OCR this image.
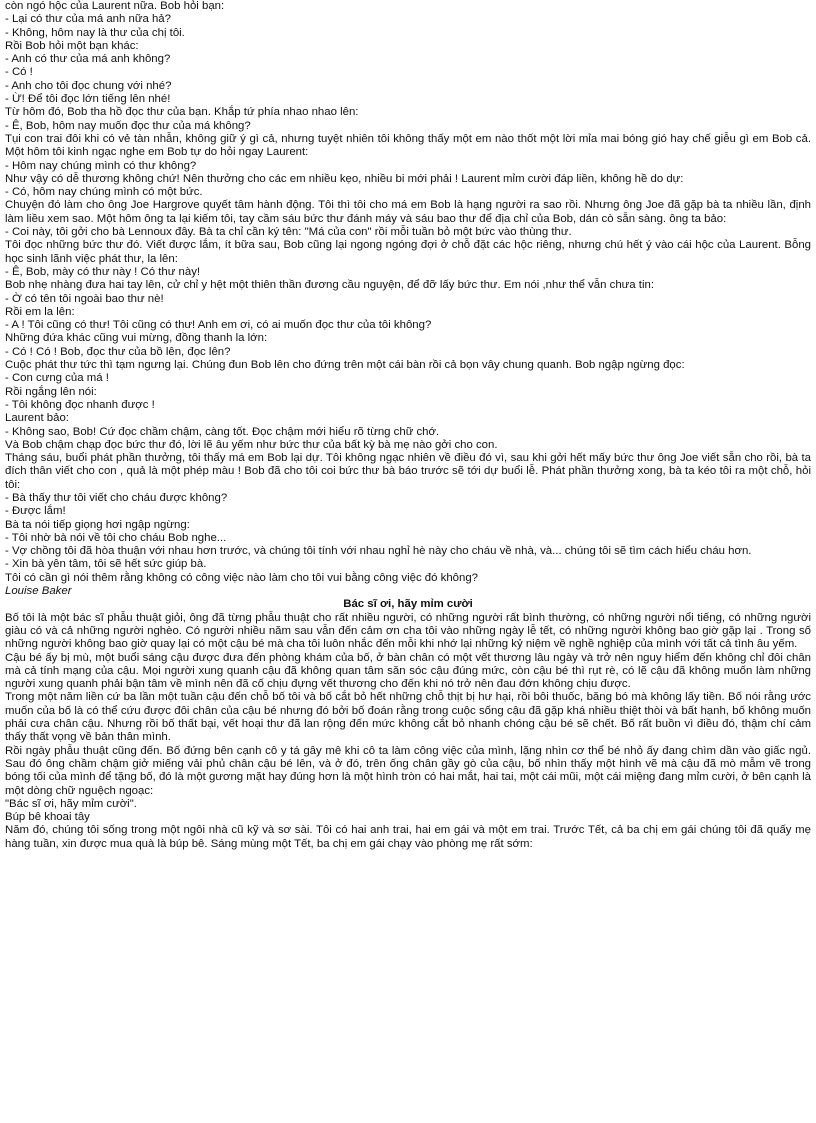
còn ngó hộc của Laurent nữa. Bob hỏi bạn:

- Lại có thư của má anh nữa hả?

- Không, hôm nay là thư của chị tôi.

Rồi Bob hỏi một bạn khác:

- Anh có thư của má anh không?

- Có !

- Anh cho tôi đọc chung với nhé?

- Ừ! Để tôi đọc lớn tiếng lên nhé!

Từ hôm đó, Bob tha hồ đọc thư của bạn. Khắp tứ phía nhao nhao lên:

- Ê, Bob, hôm nay muốn đọc thư của má không?

Tụi con trai đôi khi có vẻ tàn nhẫn, không giữ ý gì cả, nhưng tuyệt nhiên tôi không thấy một em nào thốt một lời mỉa mai bóng gió hay chế giễu gì em Bob cả. Một hôm tôi kinh ngạc nghe em Bob tự do hỏi ngay Laurent:

- Hôm nay chúng mình có thư không?

Như vậy có dễ thương không chứ! Nên thưởng cho các em nhiều kẹo, nhiều bi mới phải ! Laurent mỉm cười đáp liền, không hề do dự:

- Có, hôm nay chúng mình có một bức.

Chuyện đó làm cho ông Joe Hargrove quyết tâm hành động. Tôi thì tôi cho má em Bob là hạng người ra sao rồi. Nhưng ông Joe đã gặp bà ta nhiều lần, định làm liều xem sao. Một hôm ông ta lại kiếm tôi, tay cầm sáu bức thư đánh máy và sáu bao thư để địa chỉ của Bob, dán cò sẵn sàng. ông ta bảo:

- Coi này, tôi gởi cho bà Lennoux đây. Bà ta chỉ cần ký tên: "Má của con" rồi mỗi tuần bỏ một bức vào thùng thư.

Tôi đọc những bức thư đó. Viết được lắm, ít bữa sau, Bob cũng lại ngong ngóng đợi ở chỗ đặt các hộc riêng, nhưng chú hết ý vào cái hộc của Laurent. Bỗng học sinh lãnh việc phát thư, la lên:

- Ê, Bob, mày có thư này ! Có thư này!

Bob nhẹ nhàng đưa hai tay lên, cử chỉ y hệt một thiên thần đương cầu nguyện, để đỡ lấy bức thư. Em nói ,như thể vẫn chưa tin:

- Ờ có tên tôi ngoài bao thư nè!

Rồi em la lên:

- A ! Tôi cũng có thư! Tôi cũng có thư! Anh em ơi, có ai muốn đọc thư của tôi không?

Những đứa khác cũng vui mừng, đồng thanh la lớn:

- Có ! Có ! Bob, đọc thư của bồ lên, đọc lên?

Cuộc phát thư tức thì tạm ngưng lại. Chúng đun Bob lên cho đứng trên một cái bàn rồi cả bọn vây chung quanh. Bob ngập ngừng đọc:

- Con cưng của má !

Rồi ngắng lên nói:

- Tôi không đọc nhanh được !

Laurent bảo:

- Không sao, Bob! Cứ đọc chầm chậm, càng tốt. Đọc chậm mới hiểu rõ từng chữ chớ.

Và Bob chậm chạp đọc bức thư đó, lời lẽ âu yếm như bức thư của bất kỳ bà mẹ nào gởi cho con.

Tháng sáu, buổi phát phần thưởng, tôi thấy má em Bob lại dự. Tôi không ngạc nhiên về điều đó vì, sau khi gởi hết mấy bức thư ông Joe viết sẵn cho rồi, bà ta đích thân viết cho con , quả là một phép màu ! Bob đã cho tôi coi bức thư bà báo trước sẽ tới dự buổi lễ. Phát phần thưởng xong, bà ta kéo tôi ra một chỗ, hỏi tôi:

- Bà thấy thư tôi viết cho cháu được không?

- Được lắm!

Bà ta nói tiếp giọng hơi ngập ngừng:

- Tôi nhờ bà nói về tôi cho cháu Bob nghe...

- Vợ chồng tôi đã hòa thuận với nhau hơn trước, và chúng tôi tính với nhau nghỉ hè này cho cháu về nhà, và... chúng tôi sẽ tìm cách hiểu cháu hơn.

- Xin bà yên tâm, tôi sẽ hết sức giúp bà.

Tôi có cần gì nói thêm rằng không có công việc nào làm cho tôi vui bằng công việc đó không?

Louise Baker

Bác sĩ ơi, hãy mỉm cười

Bố tôi là một bác sĩ phẫu thuật giỏi, ông đã từng phẫu thuật cho rất nhiều người, có những người rất bình thường, có những người nổi tiếng, có những người giàu có và cả những người nghèo. Có người nhiều năm sau vẫn đến cảm ơn cha tôi vào những ngày lễ tết, có những người không bao giờ gặp lại . Trong số những người không bao giờ quay lại có một cậu bé mà cha tôi luôn nhắc đến mỗi khi nhớ lại những kỷ niệm về nghề nghiệp của mình với tất cả tình âu yếm.

Cậu bé ấy bị mù, một buổi sáng cậu được đưa đến phòng khám của bố, ở bàn chân có một vết thương lâu ngày và trở nên nguy hiểm đến không chỉ đôi chân mà cả tính mạng của cậu. Mọi người xung quanh cậu đã không quan tâm săn sóc cậu đúng mức, còn cậu bé thì rụt rè, có lẽ cậu đã không muốn làm những người xung quanh phải bận tâm về mình nên đã cố chịu đựng vết thương cho đến khi nó trở nên đau đớn không chịu được.

Trong một năm liền cứ ba lần một tuần cậu đến chỗ bố tôi và bố cắt bỏ hết những chỗ thịt bị hư hại, rồi bôi thuốc, băng bó mà không lấy tiền. Bố nói rằng ước muốn của bố là có thể cứu được đôi chân của cậu bé nhưng đó bởi bố đoán rằng trong cuộc sống cậu đã gặp khá nhiều thiệt thòi và bất hạnh, bố không muốn phải cưa chân cậu. Nhưng rồi bố thất bại, vết hoại thư đã lan rộng đến mức không cắt bỏ nhanh chóng cậu bé sẽ chết. Bố rất buồn vì điều đó, thậm chí cảm thấy thất vọng về bản thân mình.

Rồi ngày phẫu thuật cũng đến. Bố đứng bên cạnh cô y tá gây mê khi cô ta làm công việc của mình, lặng nhìn cơ thể bé nhỏ ấy đang chìm dần vào giấc ngủ. Sau đó ông chầm chậm giở miếng vải phủ chân cậu bé lên, và ở đó, trên ống chân gầy gò của cậu, bố nhìn thấy một hình vẽ mà cậu đã mò mẫm vẽ trong bóng tối của mình để tặng bố, đó là một gương mặt hay đúng hơn là một hình tròn có hai mắt, hai tai, một cái mũi, một cái miệng đang mỉm cười, ở bên cạnh là một dòng chữ nguệch ngoạc:

"Bác sĩ ơi, hãy mỉm cười".

Búp bê khoai tây

Năm đó, chúng tôi sống trong một ngôi nhà cũ kỹ và sơ sài. Tôi có hai anh trai, hai em gái và một em trai. Trước Tết, cả ba chị em gái chúng tôi đã quấy mẹ hàng tuần, xin được mua quà là búp bê. Sáng mùng một Tết, ba chị em gái chạy vào phòng mẹ rất sớm:
